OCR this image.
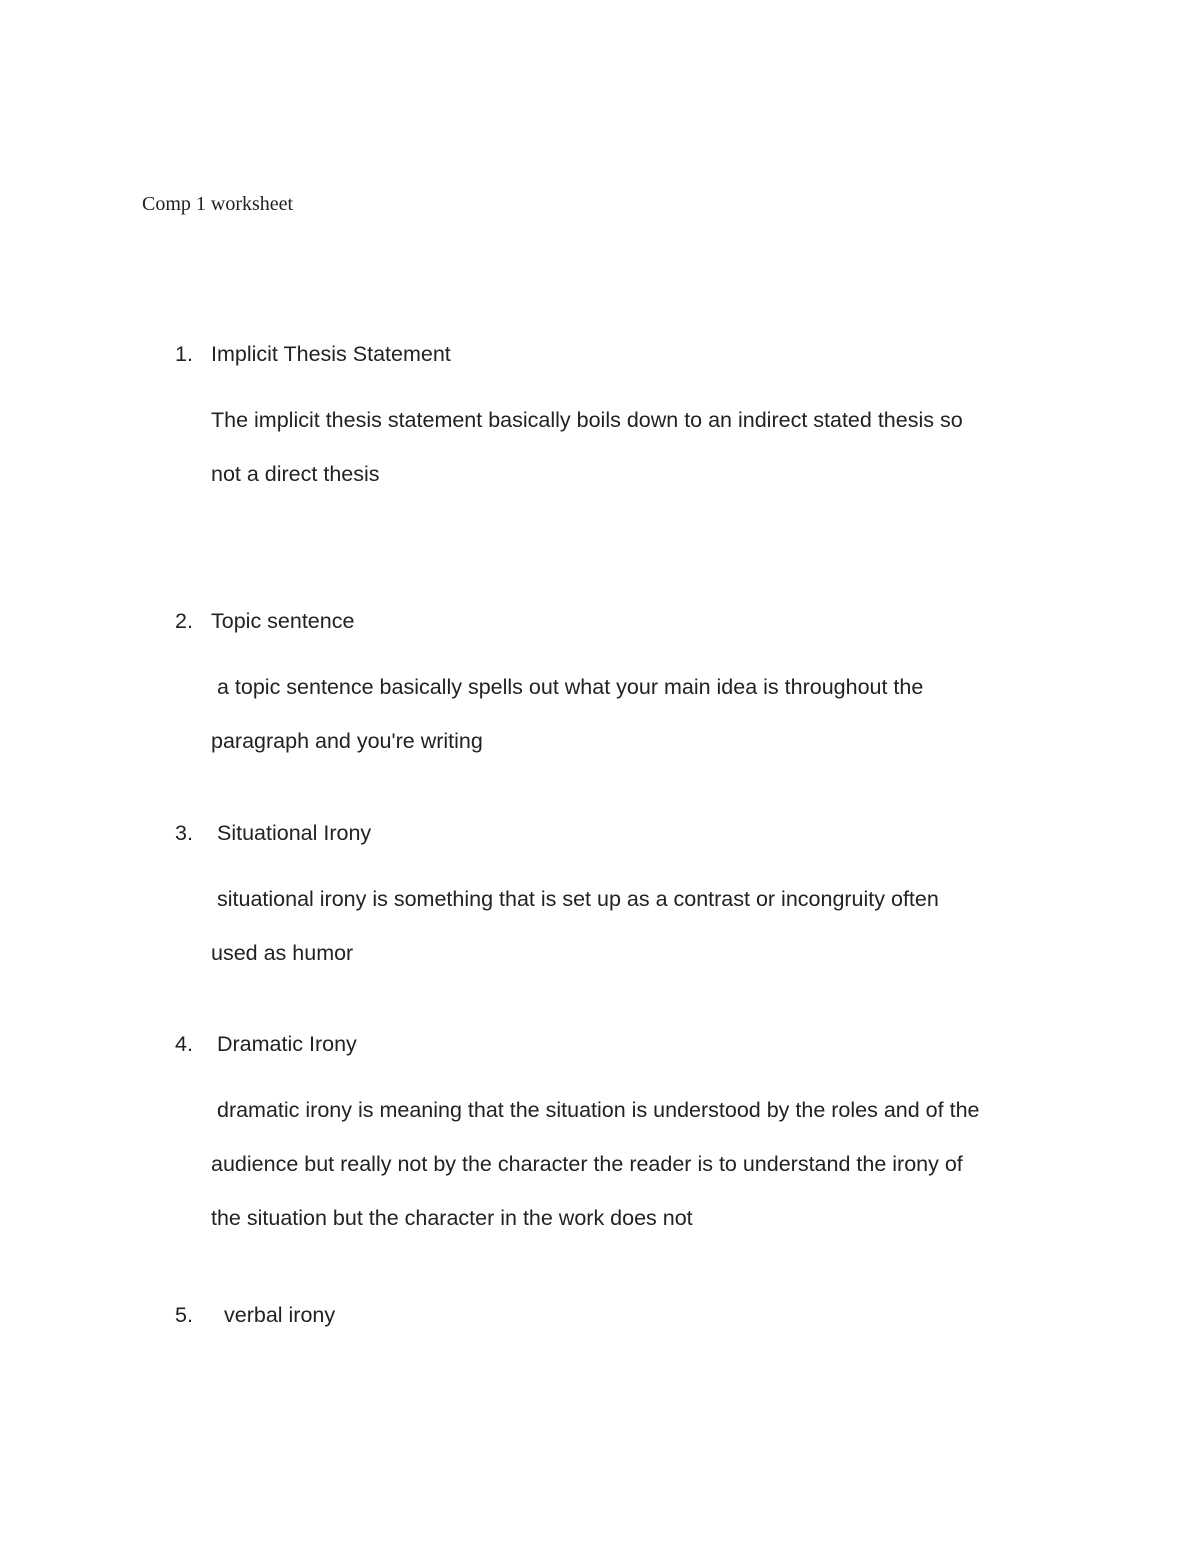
Comp 1 worksheet
1. Implicit Thesis Statement
The implicit thesis statement basically boils down to an indirect stated thesis so
not a direct thesis
2. Topic sentence
a topic sentence basically spells out what your main idea is throughout the
paragraph and you're writing
3. Situational Irony
situational irony is something that is set up as a contrast or incongruity often
used as humor
4. Dramatic Irony
dramatic irony is meaning that the situation is understood by the roles and of the
audience but really not by the character the reader is to understand the irony of
the situation but the character in the work does not
5. verbal irony
